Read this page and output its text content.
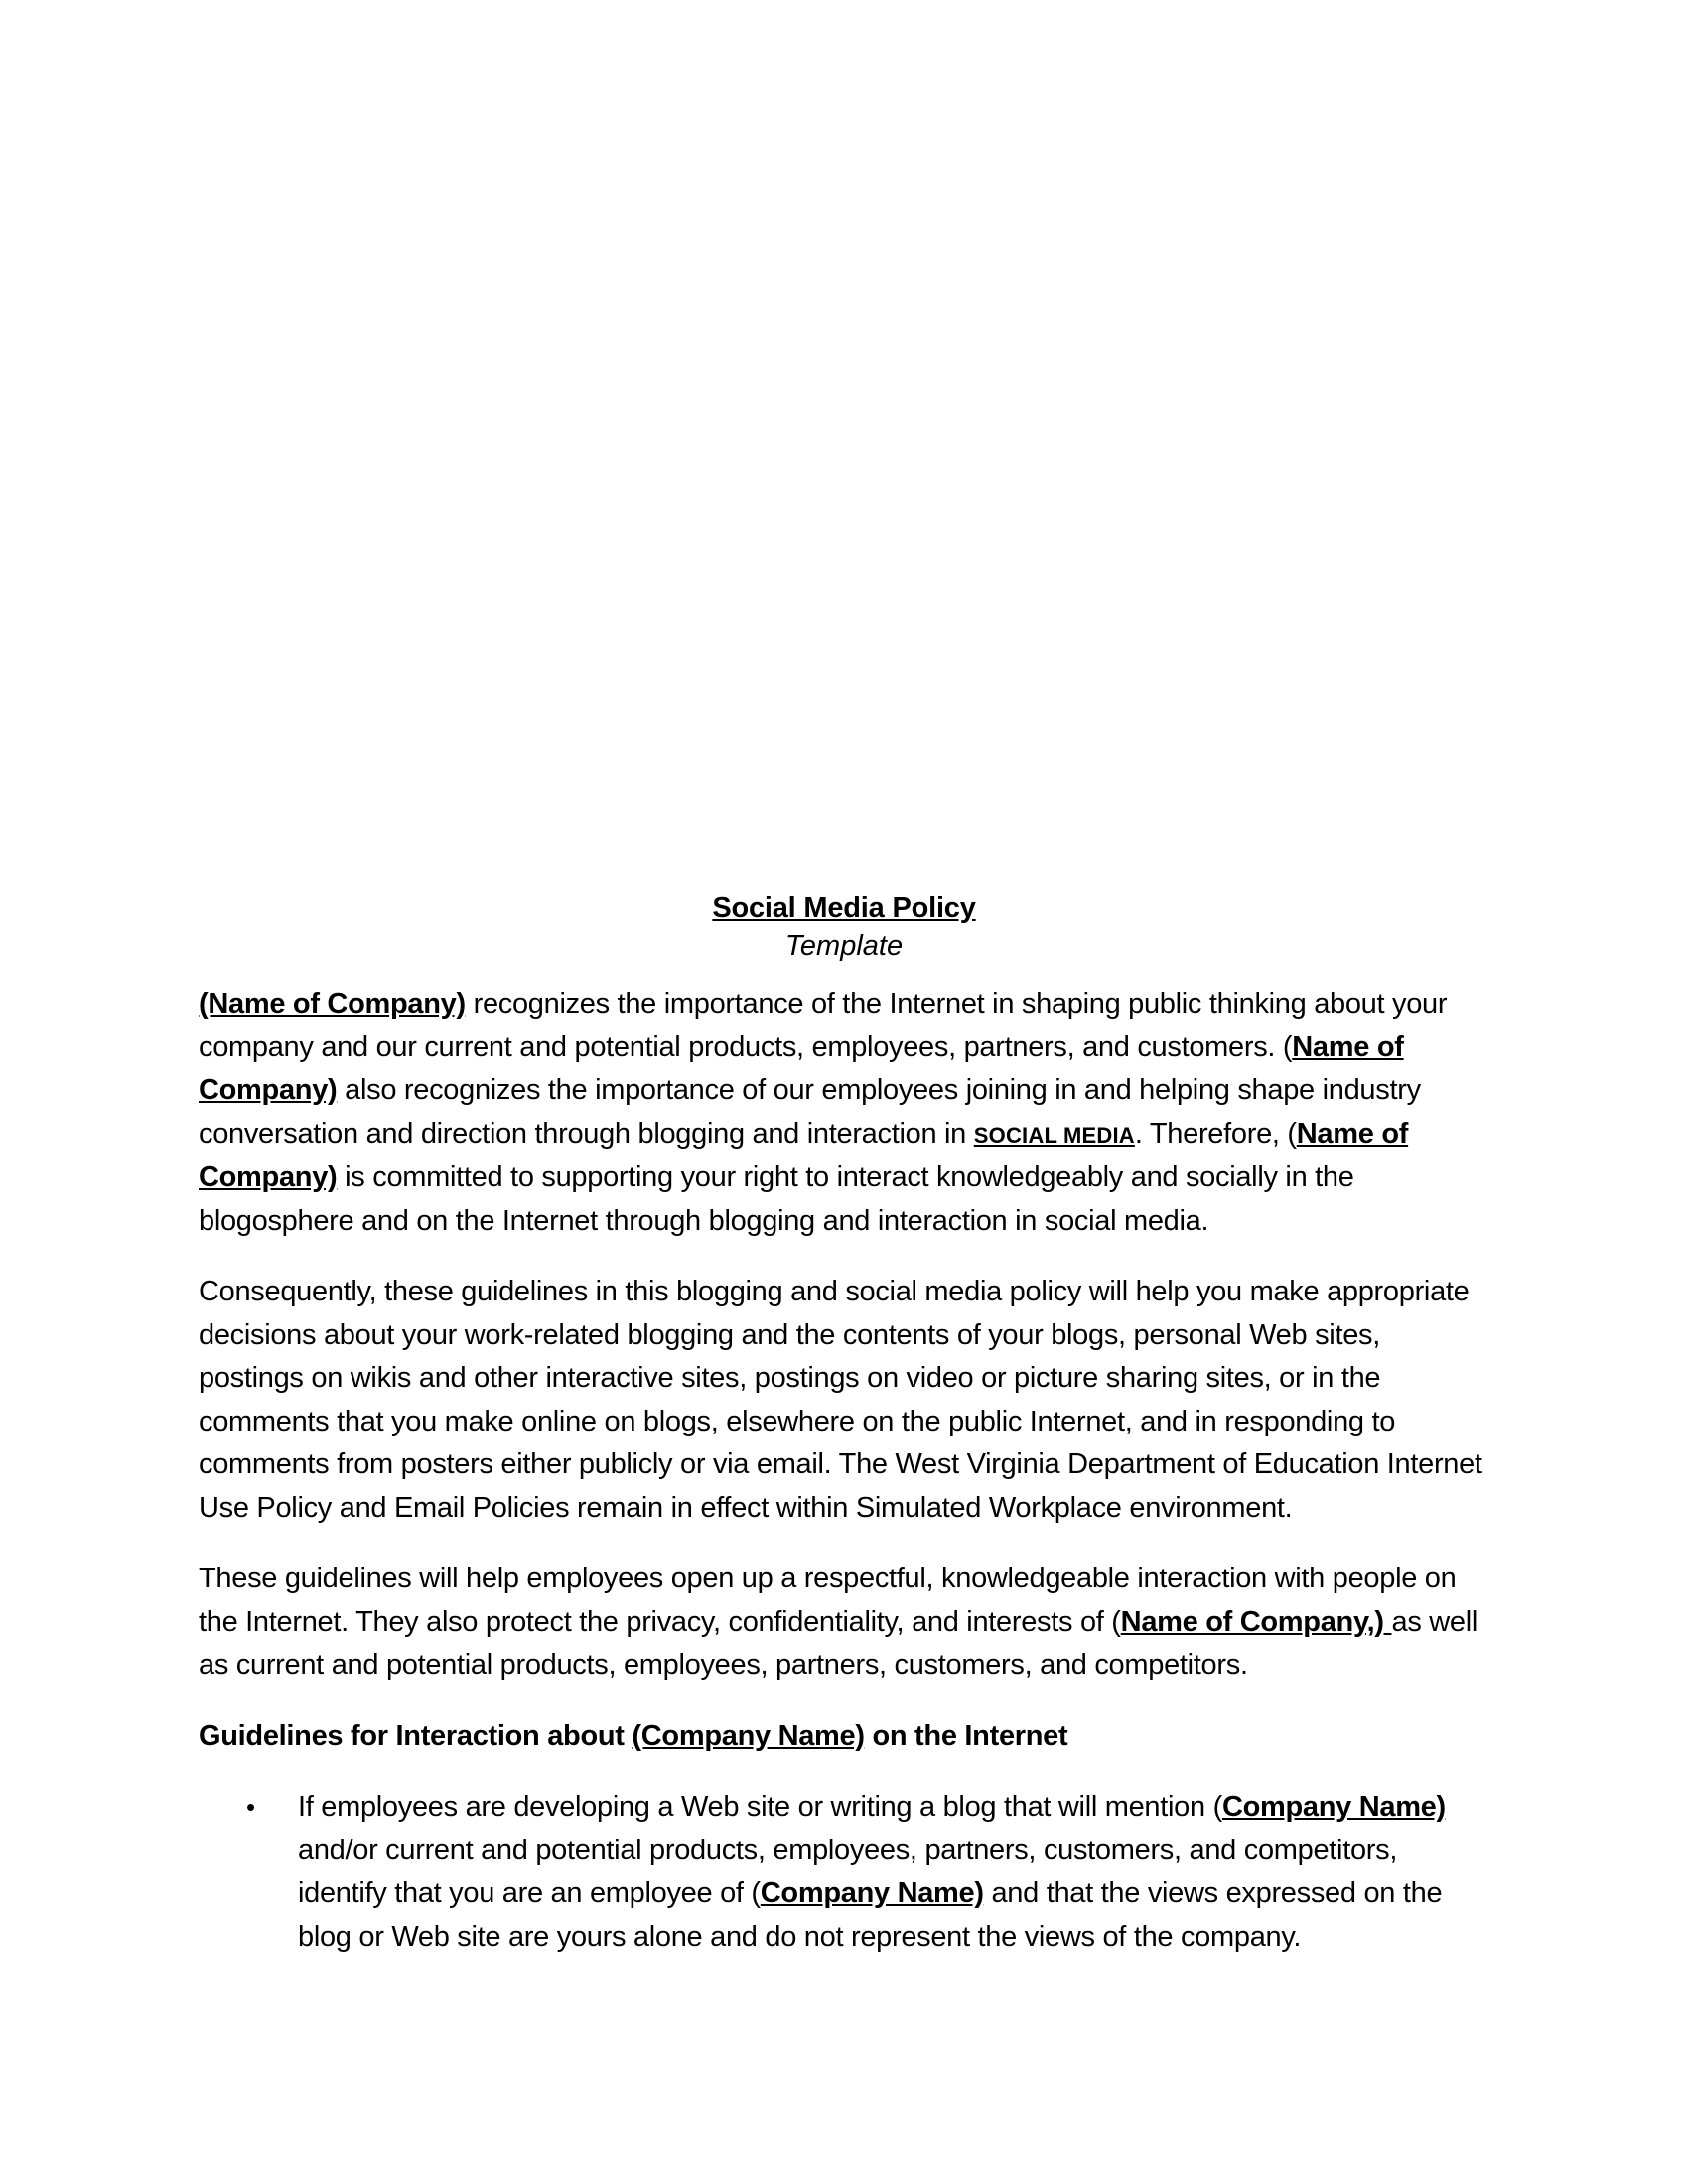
Social Media Policy
Template

(Name of Company) recognizes the importance of the Internet in shaping public thinking about your company and our current and potential products, employees, partners, and customers. (Name of Company) also recognizes the importance of our employees joining in and helping shape industry conversation and direction through blogging and interaction in SOCIAL MEDIA. Therefore, (Name of Company) is committed to supporting your right to interact knowledgeably and socially in the blogosphere and on the Internet through blogging and interaction in social media.

Consequently, these guidelines in this blogging and social media policy will help you make appropriate decisions about your work-related blogging and the contents of your blogs, personal Web sites, postings on wikis and other interactive sites, postings on video or picture sharing sites, or in the comments that you make online on blogs, elsewhere on the public Internet, and in responding to comments from posters either publicly or via email. The West Virginia Department of Education Internet Use Policy and Email Policies remain in effect within Simulated Workplace environment.

These guidelines will help employees open up a respectful, knowledgeable interaction with people on the Internet. They also protect the privacy, confidentiality, and interests of (Name of Company,) as well as current and potential products, employees, partners, customers, and competitors.

Guidelines for Interaction about (Company Name) on the Internet
• If employees are developing a Web site or writing a blog that will mention (Company Name) and/or current and potential products, employees, partners, customers, and competitors, identify that you are an employee of (Company Name) and that the views expressed on the blog or Web site are yours alone and do not represent the views of the company.
